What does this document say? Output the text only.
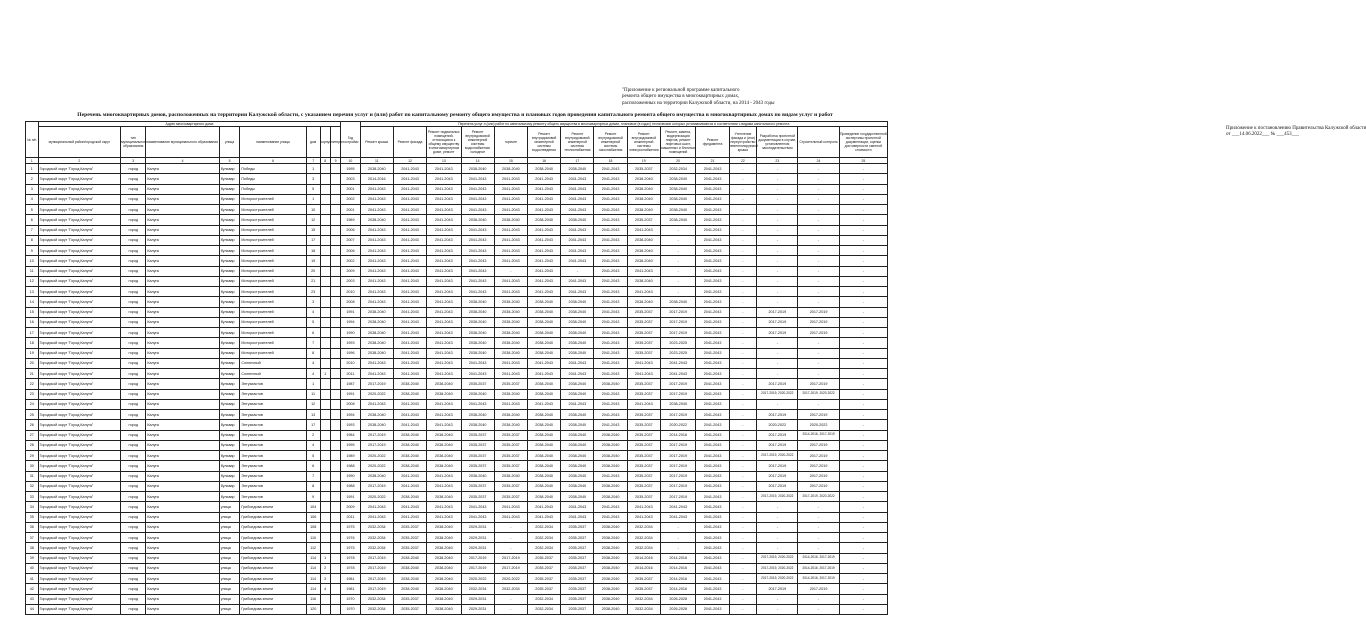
Приложение к постановлению Правительства Калужской области
от ___14.06.2022___ № ___453___
"Приложение к региональной программе капитального
ремонта общего имущества в многоквартирных домах,
расположенных на территории Калужской области, на 2014 - 2043 годы
Перечень многоквартирных домов, расположенных на территории Калужской области, с указанием перечня услуг и (или) работ по капитальному ремонту общего имущества и плановых годов проведения капитального ремонта общего имущества в многоквартирных домах по видам услуг и работ
№ п/п	Адрес многоквартирного дома								Год постройки	Перечень услуг и (или) работ по капитальному ремонту общего имущества в многоквартирных домах, плановые (в годах) технические которых устанавливаются в соответствии с видами капитального ремонта														
	муниципальный район/городской округ	тип муниципального образования	наименование муниципального образования	улица	наименование улицы	дом	корпус	литера		Ремонт крыши	Ремонт фасада	Ремонт подвальных помещений, относящихся к общему имуществу в многоквартирном доме, ремонт	Ремонт внутридомовой инженерной системы водоснабжения: холодное	горячее	Ремонт внутридомовой инженерной системы водоотведения	Ремонт внутридомовой инженерной системы теплоснабжения	Ремонт внутридомовой инженерной системы газоснабжения	Ремонт внутридомовой инженерной системы электроснабжения	Ремонт, замена, модернизация лифтов, ремонт лифтовых шахт, машинных и блочных помещений	Ремонт фундамента	Утепление фасада и (или) переустройство невентилируемой крыши	Разработка проектной документации в случае, установленном законодательством	Строительный контроль	Проведение государственной экспертизы проектной документации, оценки достоверности сметной стоимости
1	2	3	4	5	6	7	8	9	10	11	12	13	14	15	16	17	18	19	20	21	22	23	24	25
1	Городской округ "Город Калуга"	город	Калуга	бульвар	Победы	1			1995	2038-2040	2041-2043	2041-2043	2038-2040	2038-2040	2038-2040	2038-2040	2041-2043	2035-2037	2032-2034	2041-2043	-	-	-	-
2	Городской округ "Город Калуга"	город	Калуга	бульвар	Победы	3			2003	2014-2016	2041-2043	2041-2043	2041-2043	2041-2043	2041-2043	2041-2043	2041-2043	2038-2040	2038-2040	2041-2043	-	-	-	-
3	Городской округ "Город Калуга"	город	Калуга	бульвар	Победы	5			2001	2041-2043	2041-2043	2041-2043	2041-2043	2041-2043	2041-2043	2041-2043	2041-2043	2038-2040	2038-2040	2041-2043	-	-	-	-
4	Городской округ "Город Калуга"	город	Калуга	бульвар	Моторостроителей	1			2002	2041-2043	2041-2043	2041-2043	2041-2043	2041-2043	2041-2043	2041-2043	2041-2043	2038-2040	2038-2040	2041-2043	-	-	-	-
5	Городской округ "Город Калуга"	город	Калуга	бульвар	Моторостроителей	10			2001	2041-2043	2041-2043	2041-2043	2041-2043	2041-2043	2041-2043	2041-2043	2041-2043	2038-2040	2038-2040	2041-2043	-	-	-	-
6	Городской округ "Город Калуга"	город	Калуга	бульвар	Моторостроителей	12			1989	2038-2040	2041-2043	2041-2043	2038-2040	2038-2040	2038-2040	2038-2040	2041-2043	2035-2037	2038-2040	2041-2043	-	-	-	-
7	Городской округ "Город Калуга"	город	Калуга	бульвар	Моторостроителей	15			2006	2041-2043	2041-2043	2041-2043	2041-2043	2041-2043	2041-2043	2041-2043	2041-2043	2041-2043	-	2041-2043	-	-	-	-
8	Городской округ "Город Калуга"	город	Калуга	бульвар	Моторостроителей	17			2007	2041-2043	2041-2043	2041-2043	2041-2043	2041-2043	2041-2043	2041-2043	2041-2043	2038-2040	-	2041-2043	-	-	-	-
9	Городской округ "Город Калуга"	город	Калуга	бульвар	Моторостроителей	18			2006	2041-2043	2041-2043	2041-2043	2041-2043	2041-2043	2041-2043	2041-2043	2041-2043	2038-2040	-	2041-2043	-	-	-	-
10	Городской округ "Город Калуга"	город	Калуга	бульвар	Моторостроителей	19			2002	2041-2043	2041-2043	2041-2043	2041-2043	2041-2043	2041-2043	2041-2043	2041-2043	2038-2040	-	2041-2043	-	-	-	-
11	Городской округ "Город Калуга"	город	Калуга	бульвар	Моторостроителей	20			2009	2041-2043	2041-2043	2041-2043	2041-2043	-	2041-2043	-	2041-2043	2041-2043	-	2041-2043	-	-	-	-
12	Городской округ "Город Калуга"	город	Калуга	бульвар	Моторостроителей	21			2003	2041-2043	2041-2043	2041-2043	2041-2043	2041-2043	2041-2043	2041-2043	2041-2043	2038-2040	-	2041-2043	-	-	-	-
13	Городской округ "Город Калуга"	город	Калуга	бульвар	Моторостроителей	23			2010	2041-2043	2041-2043	2041-2043	2041-2043	2041-2043	2041-2043	2041-2043	2041-2043	2041-2043	-	2041-2043	-	-	-	-
14	Городской округ "Город Калуга"	город	Калуга	бульвар	Моторостроителей	3			2008	2041-2043	2041-2043	2041-2043	2038-2040	2038-2040	2038-2040	2038-2040	2041-2043	2038-2040	2038-2040	2041-2043	-	-	-	-
15	Городской округ "Город Калуга"	город	Калуга	бульвар	Моторостроителей	4			1991	2038-2040	2041-2043	2041-2043	2038-2040	2038-2040	2038-2040	2038-2040	2041-2043	2035-2037	2017-2019	2041-2043	-	2017-2019	2017-2019	-
16	Городской округ "Город Калуга"	город	Калуга	бульвар	Моторостроителей	5			1994	2038-2040	2041-2043	2041-2043	2038-2040	2038-2040	2038-2040	2038-2040	2041-2043	2035-2037	2017-2019	2041-2043	-	2017-2019	2017-2019	-
17	Городской округ "Город Калуга"	город	Калуга	бульвар	Моторостроителей	6			1990	2038-2040	2041-2043	2041-2043	2038-2040	2038-2040	2038-2040	2038-2040	2041-2043	2035-2037	2017-2019	2041-2043	-	2017-2019	2017-2019	-
18	Городской округ "Город Калуга"	город	Калуга	бульвар	Моторостроителей	7			1993	2038-2040	2041-2043	2041-2043	2038-2040	2038-2040	2038-2040	2038-2040	2041-2043	2035-2037	2023-2025	2041-2043	-	-	-	-
19	Городской округ "Город Калуга"	город	Калуга	бульвар	Моторостроителей	8			1996	2038-2040	2041-2043	2041-2043	2038-2040	2038-2040	2038-2040	2038-2040	2041-2043	2035-2037	2023-2025	2041-2043	-	-	-	-
20	Городской округ "Город Калуга"	город	Калуга	бульвар	Солнечный	4			2010	2041-2043	2041-2043	2041-2043	2041-2043	2041-2043	2041-2043	2041-2043	2041-2043	2041-2043	2041-2043	2041-2043	-	-	-	-
21	Городской округ "Город Калуга"	город	Калуга	бульвар	Солнечный	4	1		2011	2041-2043	2041-2043	2041-2043	2041-2043	2041-2043	2041-2043	2041-2043	2041-2043	2041-2043	2041-2043	2041-2043	-	-	-	-
22	Городской округ "Город Калуга"	город	Калуга	бульвар	Энтузиастов	1			1987	2017-2019	2038-2040	2038-2040	2035-2037	2035-2037	2038-2040	2038-2040	2038-2040	2035-2037	2017-2019	2041-2043	-	2017-2019	2017-2019	-
23	Городской округ "Город Калуга"	город	Калуга	бульвар	Энтузиастов	11			1991	2020-2022	2038-2040	2038-2040	2038-2040	2038-2040	2038-2040	2038-2040	2041-2043	2035-2037	2017-2019	2041-2043	-	2017-2019, 2020-2022	2017-2019, 2020-2022	-
24	Городской округ "Город Калуга"	город	Калуга	бульвар	Энтузиастов	12			2008	2041-2043	2041-2043	2041-2043	2041-2043	2041-2043	2041-2043	2041-2043	2041-2043	2041-2043	2038-2040	2041-2043	-	-	-	-
25	Городской округ "Город Калуга"	город	Калуга	бульвар	Энтузиастов	13			1994	2038-2040	2041-2043	2041-2043	2038-2040	2038-2040	2038-2040	2038-2040	2041-2043	2035-2037	2017-2019	2041-2043	-	2017-2019	2017-2019	-
26	Городской округ "Город Калуга"	город	Калуга	бульвар	Энтузиастов	17			1993	2038-2040	2041-2043	2041-2043	2038-2040	2038-2040	2038-2040	2038-2040	2041-2043	2035-2037	2020-2022	2041-2043	-	2020-2022	2020-2022	-
27	Городской округ "Город Калуга"	город	Калуга	бульвар	Энтузиастов	2			1984	2017-2019	2038-2040	2038-2040	2035-2037	2035-2037	2038-2040	2038-2040	2038-2040	2035-2037	2014-2016	2041-2043	-	2017-2019	2014-2016, 2017-2019	-
28	Городской округ "Город Калуга"	город	Калуга	бульвар	Энтузиастов	4			1995	2017-2019	2038-2040	2038-2040	2035-2037	2035-2037	2038-2040	2038-2040	2038-2040	2035-2037	2017-2019	2041-2043	-	2017-2019	2017-2019	-
29	Городской округ "Город Калуга"	город	Калуга	бульвар	Энтузиастов	5			1989	2020-2022	2038-2040	2038-2040	2035-2037	2035-2037	2038-2040	2038-2040	2038-2040	2035-2037	2017-2019	2041-2043	-	2017-2019, 2020-2022	2017-2019	-
30	Городской округ "Город Калуга"	город	Калуга	бульвар	Энтузиастов	6			1988	2020-2022	2038-2040	2038-2040	2035-2037	2035-2037	2038-2040	2038-2040	2038-2040	2035-2037	2017-2019	2041-2043	-	2017-2019	2017-2019	-
31	Городской округ "Город Калуга"	город	Калуга	бульвар	Энтузиастов	7			1990	2038-2040	2041-2043	2041-2043	2038-2040	2038-2040	2038-2040	2038-2040	2041-2043	2035-2037	2017-2019	2041-2043	-	2017-2019	2017-2019	-
32	Городской округ "Город Калуга"	город	Калуга	бульвар	Энтузиастов	8			1988	2017-2019	2041-2043	2041-2043	2035-2037	2035-2037	2038-2040	2038-2040	2038-2040	2035-2037	2017-2019	2041-2043	-	2017-2019	2017-2019	-
33	Городской округ "Город Калуга"	город	Калуга	бульвар	Энтузиастов	9			1991	2020-2022	2038-2040	2038-2040	2035-2037	2035-2037	2038-2040	2038-2040	2038-2040	2035-2037	2017-2019	2041-2043	-	2017-2019, 2020-2022	2017-2019, 2020-2022	-
34	Городской округ "Город Калуга"	город	Калуга	улица	Грибоедова земли	104			2009	2041-2043	2041-2043	2041-2043	2041-2043	2041-2043	2041-2043	2041-2043	2041-2043	2041-2043	2041-2043	2041-2043	-	-	-	-
35	Городской округ "Город Калуга"	город	Калуга	улица	Грибоедова земли	106			2011	2041-2043	2041-2043	2041-2043	2041-2043	2041-2043	2041-2043	2041-2043	2041-2043	2041-2043	2041-2043	2041-2043	-	-	-	-
36	Городской округ "Город Калуга"	город	Калуга	улица	Грибоедова земли	108			1975	2032-2034	2035-2037	2038-2040	2029-2031	-	2032-2034	2035-2037	2038-2040	2032-2034	-	2041-2043	-	-	-	-
37	Городской округ "Город Калуга"	город	Калуга	улица	Грибоедова земли	110			1976	2032-2034	2035-2037	2038-2040	2029-2031	-	2032-2034	2035-2037	2038-2040	2032-2034	-	2041-2043	-	-	-	-
38	Городской округ "Город Калуга"	город	Калуга	улица	Грибоедова земли	112			1975	2032-2034	2035-2037	2038-2040	2029-2031	-	2032-2034	2035-2037	2038-2040	2032-2034	-	2041-2043	-	-	-	-
39	Городской округ "Город Калуга"	город	Калуга	улица	Грибоедова земли	114	1		1978	2017-2019	2038-2040	2038-2040	2017-2019	2017-2019	2035-2037	2035-2037	2038-2040	2014-2016	2014-2016	2041-2043	-	2017-2019, 2020-2022	2014-2016, 2017-2019	-
40	Городской округ "Город Калуга"	город	Калуга	улица	Грибоедова земли	114	2		1978	2017-2019	2038-2040	2038-2040	2017-2019	2017-2019	2035-2037	2035-2037	2038-2040	2014-2016	2014-2016	2041-2043	-	2017-2019, 2020-2022	2014-2016, 2017-2019	-
41	Городской округ "Город Калуга"	город	Калуга	улица	Грибоедова земли	114	3		1981	2017-2019	2038-2040	2038-2040	2020-2022	2020-2022	2035-2037	2035-2037	2038-2040	2035-2037	2014-2016	2041-2043	-	2017-2019, 2020-2022	2014-2016, 2017-2019	-
42	Городской округ "Город Калуга"	город	Калуга	улица	Грибоедова земли	114	4		1981	2017-2019	2038-2040	2038-2040	2032-2034	2032-2034	2035-2037	2035-2037	2038-2040	2035-2037	2014-2016	2041-2043	-	2017-2019	2017-2019	-
43	Городской округ "Город Калуга"	город	Калуга	улица	Грибоедова земли	116			1970	2032-2034	2035-2037	2038-2040	2029-2031	-	2032-2034	2035-2037	2038-2040	2032-2034	2026-2028	2041-2043	-	-	-	-
44	Городской округ "Город Калуга"	город	Калуга	улица	Грибоедова земли	120			1970	2032-2034	2035-2037	2038-2040	2029-2031	-	2032-2034	2035-2037	2038-2040	2032-2034	2026-2028	2041-2043	-	-	-	-
